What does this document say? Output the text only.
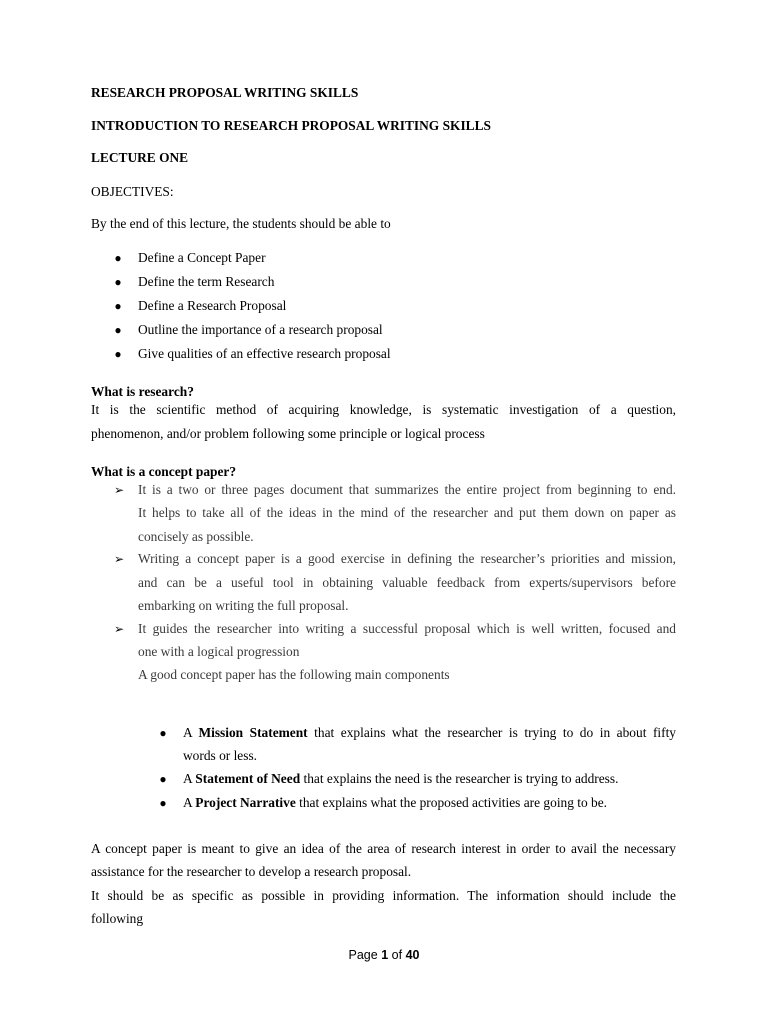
RESEARCH PROPOSAL WRITING SKILLS
INTRODUCTION TO RESEARCH PROPOSAL WRITING SKILLS
LECTURE ONE
OBJECTIVES:
By the end of this lecture, the students should be able to
● Define a Concept Paper
● Define the term Research
● Define a Research Proposal
● Outline the importance of a research proposal
● Give qualities of an effective research proposal
What is research?
It is the scientific method of acquiring knowledge, is systematic investigation of a question,
phenomenon, and/or problem following some principle or logical process
What is a concept paper?
➢ It is a two or three pages document that summarizes the entire project from beginning to end.
It helps to take all of the ideas in the mind of the researcher and put them down on paper as
concisely as possible.
➢ Writing a concept paper is a good exercise in defining the researcher’s priorities and mission,
and can be a useful tool in obtaining valuable feedback from experts/supervisors before
embarking on writing the full proposal.
➢ It guides the researcher into writing a successful proposal which is well written, focused and
one with a logical progression
A good concept paper has the following main components
● A Mission Statement that explains what the researcher is trying to do in about fifty
words or less.
● A Statement of Need that explains the need is the researcher is trying to address.
● A Project Narrative that explains what the proposed activities are going to be.
A concept paper is meant to give an idea of the area of research interest in order to avail the necessary
assistance for the researcher to develop a research proposal.
It should be as specific as possible in providing information. The information should include the
following
Page 1 of 40
